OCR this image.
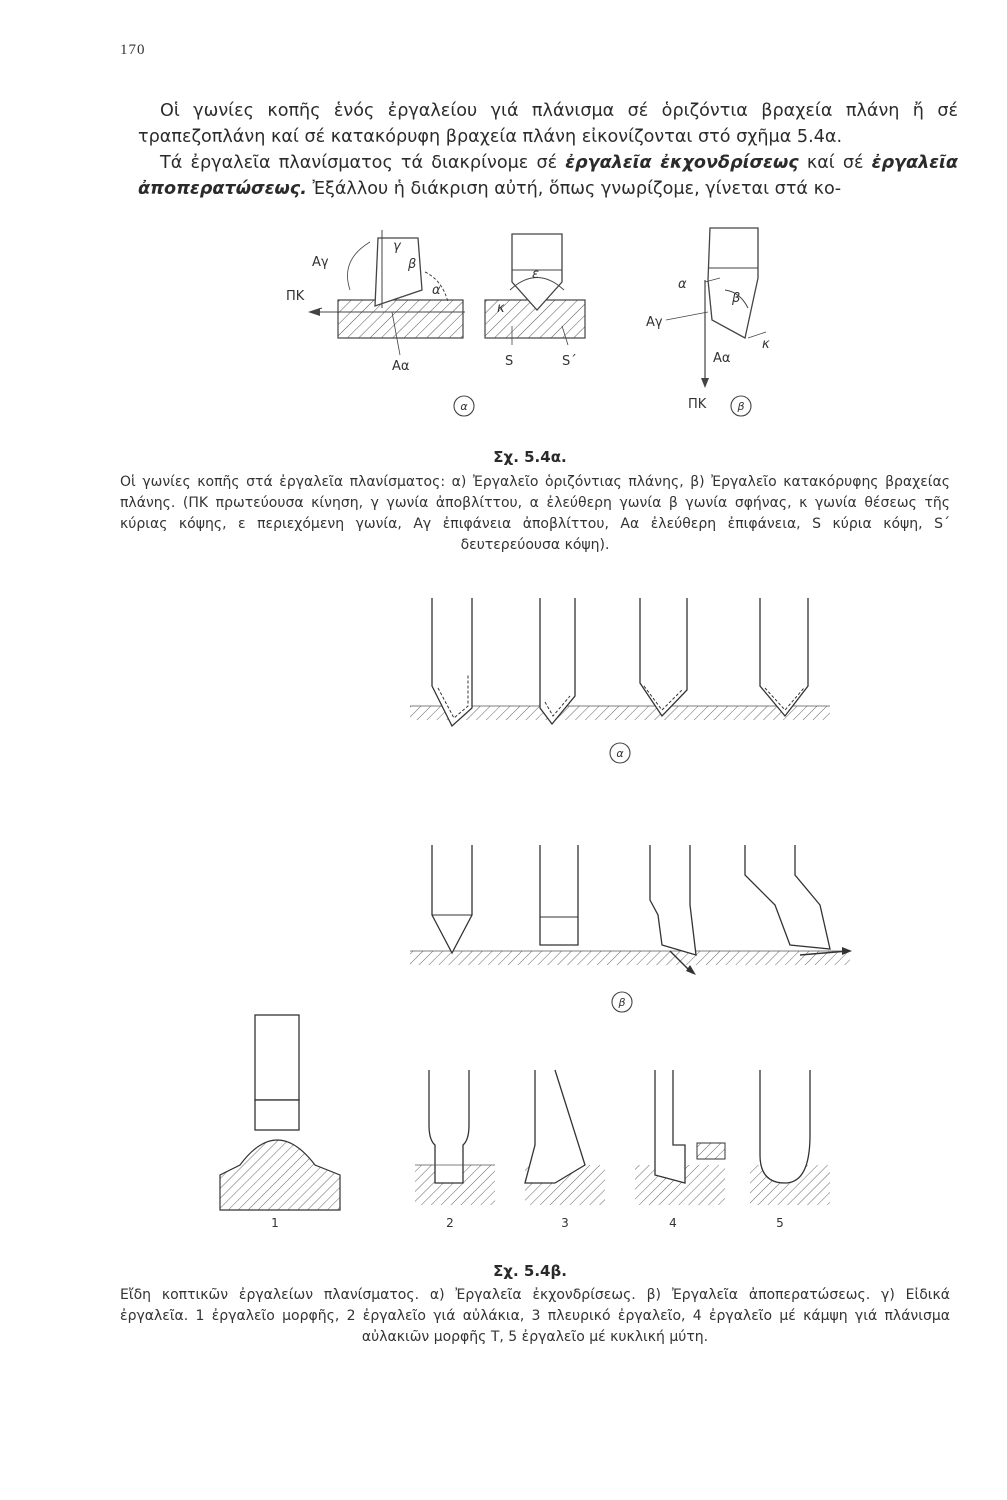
170

Οἱ γωνίες κοπῆς ἑνός ἐργαλείου γιά πλάνισμα σέ ὁριζόντια βραχεία πλάνη ἤ σέ τραπεζοπλάνη καί σέ κατακόρυφη βραχεία πλάνη εἰκονίζονται στό σχῆμα 5.4α.

Τά ἐργαλεῖα πλανίσματος τά διακρίνομε σέ ἐργαλεῖα ἐκχονδρίσεως καί σέ ἐργαλεῖα ἀποπερατώσεως. Ἐξάλλου ἡ διάκριση αὐτή, ὅπως γνωρίζομε, γίνεται στά κο-

ΠΚ
Αγ
γ
β
α
Αα
ε
κ
S	S΄
α
β
Αγ
Αα
κ
ΠΚ
α	β
Σχ. 5.4α.
Οἱ γωνίες κοπῆς στά ἐργαλεῖα πλανίσματος: α) Ἐργαλεῖο ὁριζόντιας πλάνης, β) Ἐργαλεῖο κατακόρυφης βραχείας πλάνης. (ΠΚ πρωτεύουσα κίνηση, γ γωνία ἀποβλίττου, α ἐλεύθερη γωνία β γωνία σφήνας, κ γωνία θέσεως τῆς κύριας κόψης, ε περιεχόμενη γωνία, Αγ ἐπιφάνεια ἀποβλίττου, Αα ἐλεύθερη ἐπιφάνεια, S κύρια κόψη, S΄ δευτερεύουσα κόψη).
α
β
1	2	3	4	5
Σχ. 5.4β.
Εἴδη κοπτικῶν ἐργαλείων πλανίσματος. α) Ἐργαλεῖα ἐκχονδρίσεως. β) Ἐργαλεῖα ἀποπερατώσεως. γ) Εἰδικά ἐργαλεῖα. 1 ἐργαλεῖο μορφῆς, 2 ἐργαλεῖο γιά αὐλάκια, 3 πλευρικό ἐργαλεῖο, 4 ἐργαλεῖο μέ κάμψη γιά πλάνισμα αὐλακιῶν μορφῆς Τ, 5 ἐργαλεῖο μέ κυκλική μύτη.
